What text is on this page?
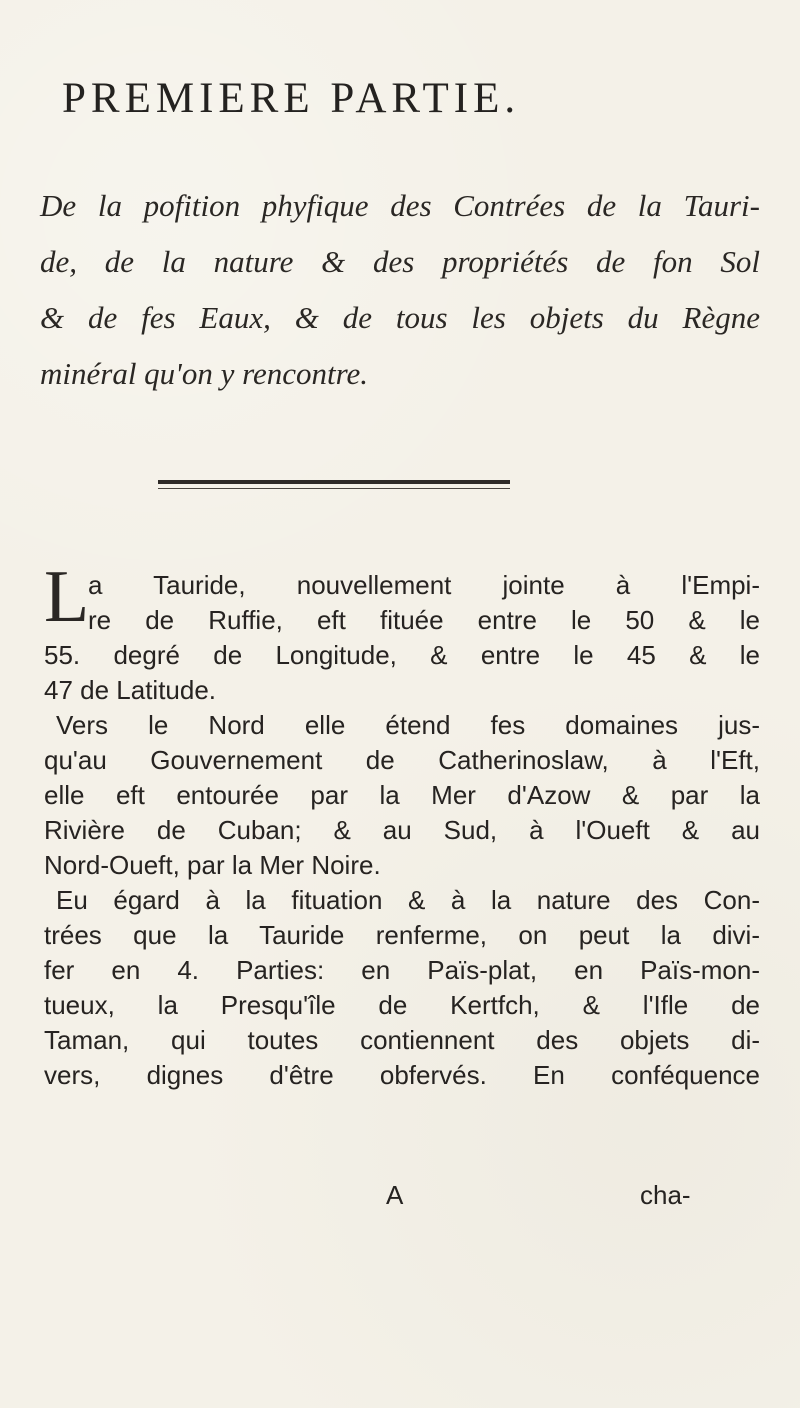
PREMIERE PARTIE.
De la pofition phyfique des Contrées de la Tauri-
de, de la nature & des propriétés de fon Sol
& de fes Eaux, & de tous les objets du Règne
minéral qu'on y rencontre.
L
a Tauride, nouvellement jointe à l'Empi-
re de Ruffie, eft fituée entre le 50 & le
55. degré de Longitude, & entre le 45 & le
47 de Latitude.
Vers le Nord elle étend fes domaines jus-
qu'au Gouvernement de Catherinoslaw, à l'Eft,
elle eft entourée par la Mer d'Azow & par la
Rivière de Cuban; & au Sud, à l'Oueft & au
Nord-Oueft, par la Mer Noire.
Eu égard à la fituation & à la nature des Con-
trées que la Tauride renferme, on peut la divi-
fer en 4. Parties: en Païs-plat, en Païs-mon-
tueux, la Presqu'île de Kertfch, & l'Ifle de
Taman, qui toutes contiennent des objets di-
vers, dignes d'être obfervés. En conféquence
A	cha-
